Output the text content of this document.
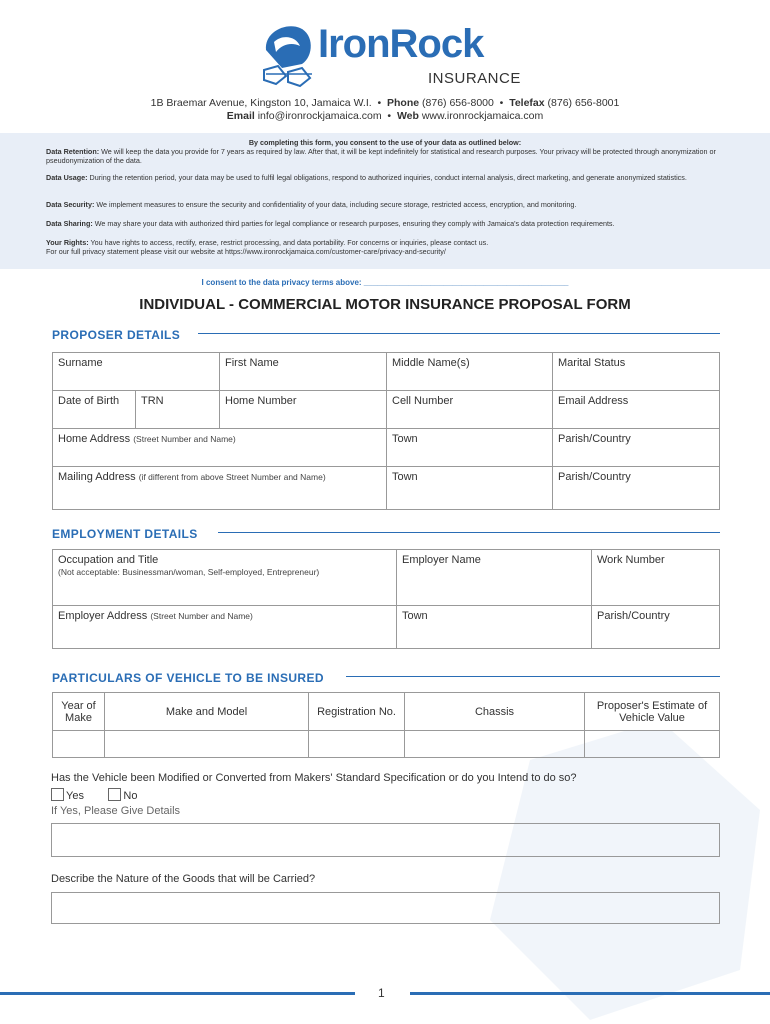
IronRock
INSURANCE
1B Braemar Avenue, Kingston 10, Jamaica W.I.  •  Phone (876) 656-8000  •  Telefax (876) 656-8001
Email info@ironrockjamaica.com  •  Web www.ironrockjamaica.com

By completing this form, you consent to the use of your data as outlined below:

Data Retention: We will keep the data you provide for 7 years as required by law. After that, it will be kept indefinitely for statistical and research purposes. Your privacy will be protected through anonymization or pseudonymization of the data.

Data Usage: During the retention period, your data may be used to fulfil legal obligations, respond to authorized inquiries, conduct internal analysis, direct marketing, and generate anonymized statistics.

Data Security: We implement measures to ensure the security and confidentiality of your data, including secure storage, restricted access, encryption, and monitoring.

Data Sharing: We may share your data with authorized third parties for legal compliance or research purposes, ensuring they comply with Jamaica's data protection requirements.

Your Rights: You have rights to access, rectify, erase, restrict processing, and data portability. For concerns or inquiries, please contact us.

For our full privacy statement please visit our website at https://www.ironrockjamaica.com/customer-care/privacy-and-security/

I consent to the data privacy terms above: ______________________________________________
INDIVIDUAL - COMMERCIAL MOTOR INSURANCE PROPOSAL FORM
PROPOSER DETAILS
Surname	First Name	Middle Name(s)	Marital Status
Date of Birth	TRN	Home Number	Cell Number	Email Address
Home Address (Street Number and Name)	Town	Parish/Country
Mailing Address (if different from above Street Number and Name)	Town	Parish/Country
EMPLOYMENT DETAILS
Occupation and Title
(Not acceptable: Businessman/woman, Self-employed, Entrepreneur)
Employer Name	Work Number
Employer Address (Street Number and Name)	Town	Parish/Country
PARTICULARS OF VEHICLE TO BE INSURED
Year of Make	Make and Model	Registration No.	Chassis	Proposer's Estimate of Vehicle Value
Has the Vehicle been Modified or Converted from Makers' Standard Specification or do you Intend to do so?
Yes	No
If Yes, Please Give Details
Describe the Nature of the Goods that will be Carried?
1
